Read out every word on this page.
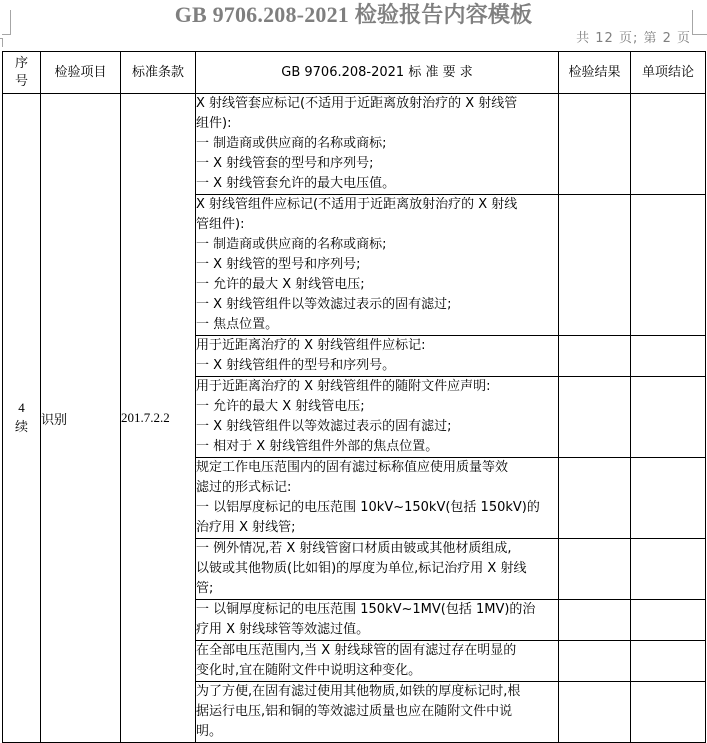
GB 9706.208-2021 检验报告内容模板
共 12 页; 第 2 页
序号	检验项目	标准条款	GB 9706.208-2021 标 准 要 求	检验结果	单项结论

4
续	识别	201.7.2.2	X 射线管套应标记(不适用于近距离放射治疗的 X 射线管
组件):
一 制造商或供应商的名称或商标;
一 X 射线管套的型号和序列号;
一 X 射线管套允许的最大电压值。		

X 射线管组件应标记(不适用于近距离放射治疗的 X 射线
管组件):
一 制造商或供应商的名称或商标;
一 X 射线管的型号和序列号;
一 允许的最大 X 射线管电压;
一 X 射线管组件以等效滤过表示的固有滤过;
一 焦点位置。

			用于近距离治疗的 X 射线管组件应标记:
一 X 射线管组件的型号和序列号。		

			用于近距离治疗的 X 射线管组件的随附文件应声明:
一 允许的最大 X 射线管电压;
一 X 射线管组件以等效滤过表示的固有滤过;
一 相对于 X 射线管组件外部的焦点位置。		

			规定工作电压范围内的固有滤过标称值应使用质量等效
滤过的形式标记:
一 以铝厚度标记的电压范围 10kV~150kV(包括 150kV)的
治疗用 X 射线管;		

			一 例外情况,若 X 射线管窗口材质由铍或其他材质组成,
以铍或其他物质(比如钼)的厚度为单位,标记治疗用 X 射线
管;		

			一 以铜厚度标记的电压范围 150kV~1MV(包括 1MV)的治
疗用 X 射线球管等效滤过值。		

			在全部电压范围内,当 X 射线球管的固有滤过存在明显的
变化时,宜在随附文件中说明这种变化。		

			为了方便,在固有滤过使用其他物质,如铁的厚度标记时,根
据运行电压,铝和铜的等效滤过质量也应在随附文件中说
明。		
